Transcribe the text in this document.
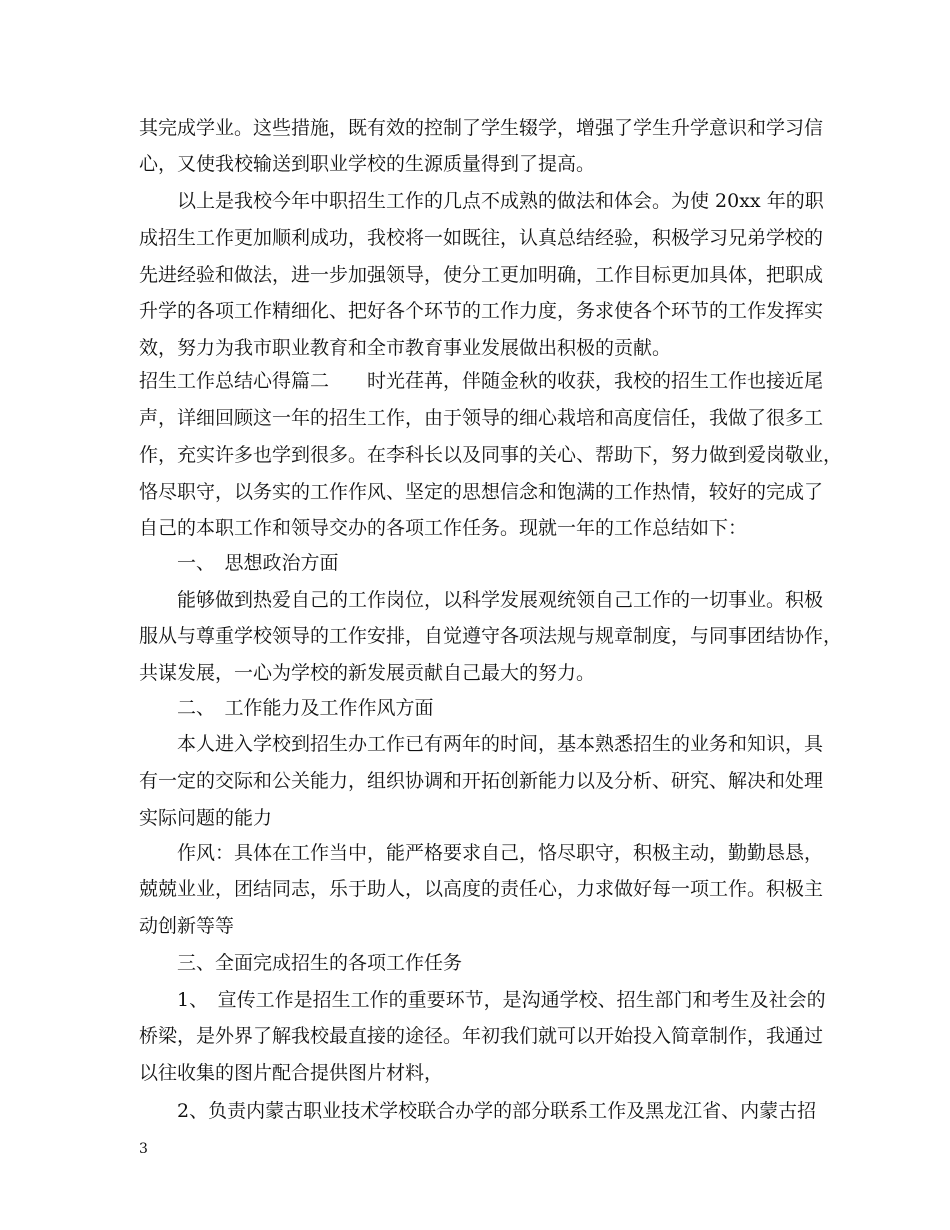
其完成学业。这些措施，既有效的控制了学生辍学，增强了学生升学意识和学习信
心，又使我校输送到职业学校的生源质量得到了提高。
以上是我校今年中职招生工作的几点不成熟的做法和体会。为使 20xx 年的职
成招生工作更加顺利成功，我校将一如既往，认真总结经验，积极学习兄弟学校的
先进经验和做法，进一步加强领导，使分工更加明确，工作目标更加具体，把职成
升学的各项工作精细化、把好各个环节的工作力度，务求使各个环节的工作发挥实
效，努力为我市职业教育和全市教育事业发展做出积极的贡献。
招生工作总结心得篇二　　时光荏苒，伴随金秋的收获，我校的招生工作也接近尾
声，详细回顾这一年的招生工作，由于领导的细心栽培和高度信任，我做了很多工
作，充实许多也学到很多。在李科长以及同事的关心、帮助下，努力做到爱岗敬业，
恪尽职守，以务实的工作作风、坚定的思想信念和饱满的工作热情，较好的完成了
自己的本职工作和领导交办的各项工作任务。现就一年的工作总结如下：
一、　思想政治方面
能够做到热爱自己的工作岗位，以科学发展观统领自己工作的一切事业。积极
服从与尊重学校领导的工作安排，自觉遵守各项法规与规章制度，与同事团结协作，
共谋发展，一心为学校的新发展贡献自己最大的努力。
二、　工作能力及工作作风方面
本人进入学校到招生办工作已有两年的时间，基本熟悉招生的业务和知识，具
有一定的交际和公关能力，组织协调和开拓创新能力以及分析、研究、解决和处理
实际问题的能力
作风：具体在工作当中，能严格要求自己，恪尽职守，积极主动，勤勤恳恳，
兢兢业业，团结同志，乐于助人，以高度的责任心，力求做好每一项工作。积极主
动创新等等
三、全面完成招生的各项工作任务
1、　宣传工作是招生工作的重要环节，是沟通学校、招生部门和考生及社会的
桥梁，是外界了解我校最直接的途径。年初我们就可以开始投入简章制作，我通过
以往收集的图片配合提供图片材料，
2、负责内蒙古职业技术学校联合办学的部分联系工作及黑龙江省、内蒙古招
3
